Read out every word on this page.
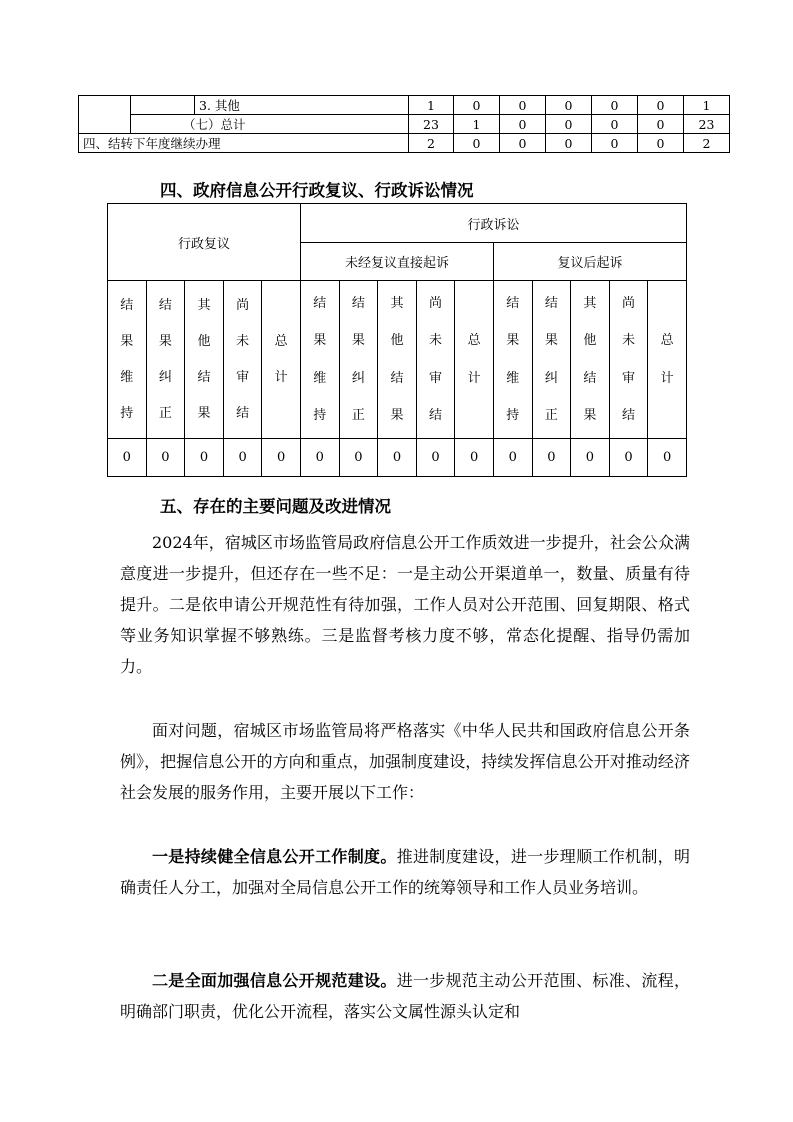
		3. 其他	1	0	0	0	0	0	1
	（七）总计		23	1	0	0	0	0	23
四、结转下年度继续办理			2	0	0	0	0	0	2
四、政府信息公开行政复议、行政诉讼情况
行政复议					行政诉讼									
					未经复议直接起诉					复议后起诉				
结果维持	结果纠正	其他结果	尚未审结	总计	结果维持	结果纠正	其他结果	尚未审结	总计	结果维持	结果纠正	其他结果	尚未审结	总计
0	0	0	0	0	0	0	0	0	0	0	0	0	0	0
五、存在的主要问题及改进情况

2024年，宿城区市场监管局政府信息公开工作质效进一步提升，社会公众满意度进一步提升，但还存在一些不足：一是主动公开渠道单一，数量、质量有待提升。二是依申请公开规范性有待加强，工作人员对公开范围、回复期限、格式等业务知识掌握不够熟练。三是监督考核力度不够，常态化提醒、指导仍需加力。

面对问题，宿城区市场监管局将严格落实《中华人民共和国政府信息公开条例》，把握信息公开的方向和重点，加强制度建设，持续发挥信息公开对推动经济社会发展的服务作用，主要开展以下工作：

一是持续健全信息公开工作制度。推进制度建设，进一步理顺工作机制，明确责任人分工，加强对全局信息公开工作的统筹领导和工作人员业务培训。

二是全面加强信息公开规范建设。进一步规范主动公开范围、标准、流程，明确部门职责，优化公开流程，落实公文属性源头认定和
